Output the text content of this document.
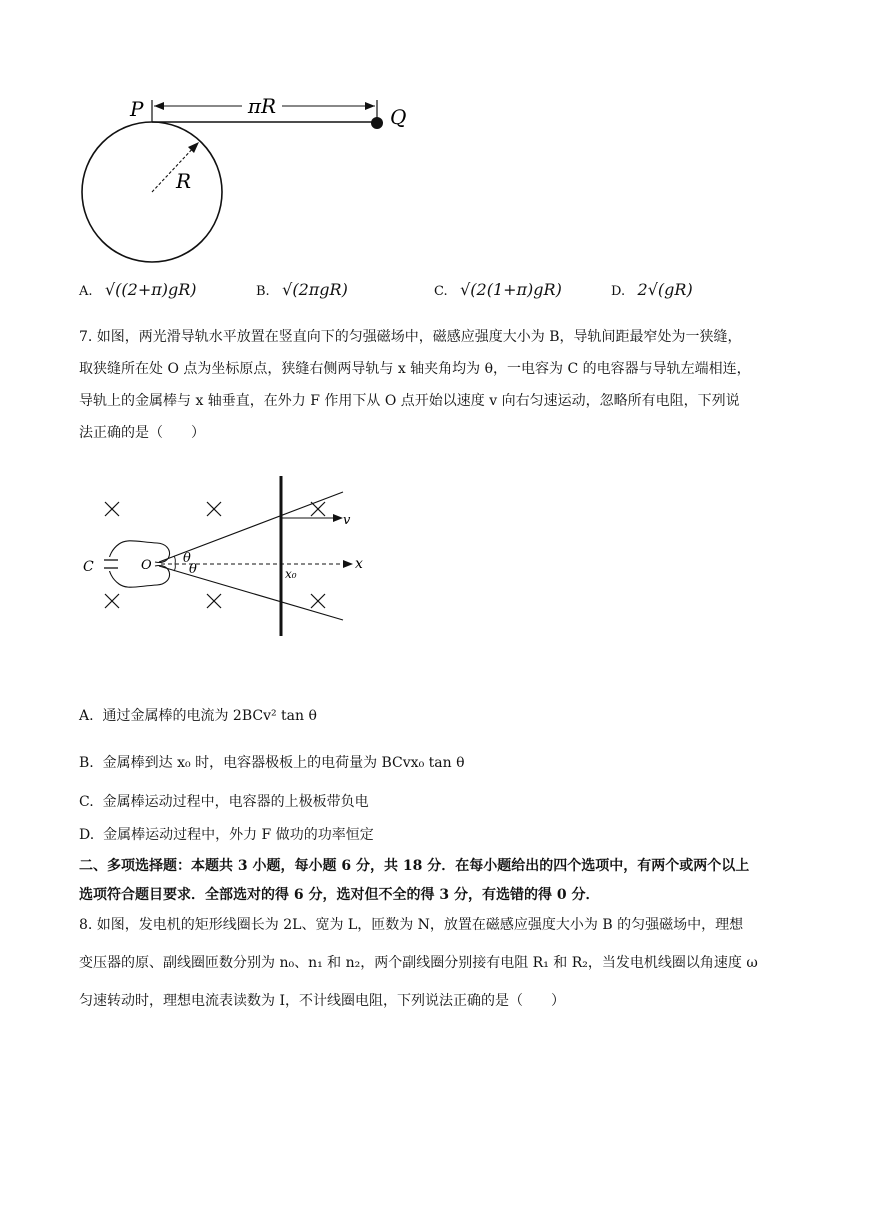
πR
P	Q
R
A. √((2+π)gR)	B. √(2πgR)	C. √(2(1+π)gR)	D. 2√(gR)
7. 如图，两光滑导轨水平放置在竖直向下的匀强磁场中，磁感应强度大小为 B，导轨间距最窄处为一狭缝，
取狭缝所在处 O 点为坐标原点，狭缝右侧两导轨与 x 轴夹角均为 θ，一电容为 C 的电容器与导轨左端相连，
导轨上的金属棒与 x 轴垂直，在外力 F 作用下从 O 点开始以速度 v 向右匀速运动，忽略所有电阻，下列说
法正确的是（　　）
C	O	x
θ
θ	x₀
v
A. 通过金属棒的电流为 2BCv² tan θ
B. 金属棒到达 x₀ 时，电容器极板上的电荷量为 BCvx₀ tan θ
C. 金属棒运动过程中，电容器的上极板带负电
D. 金属棒运动过程中，外力 F 做功的功率恒定
二、多项选择题：本题共 3 小题，每小题 6 分，共 18 分．在每小题给出的四个选项中，有两个或两个以上
选项符合题目要求．全部选对的得 6 分，选对但不全的得 3 分，有选错的得 0 分．
8. 如图，发电机的矩形线圈长为 2L、宽为 L，匝数为 N，放置在磁感应强度大小为 B 的匀强磁场中，理想
变压器的原、副线圈匝数分别为 n₀、n₁ 和 n₂，两个副线圈分别接有电阻 R₁ 和 R₂，当发电机线圈以角速度 ω
匀速转动时，理想电流表读数为 I，不计线圈电阻，下列说法正确的是（　　）
